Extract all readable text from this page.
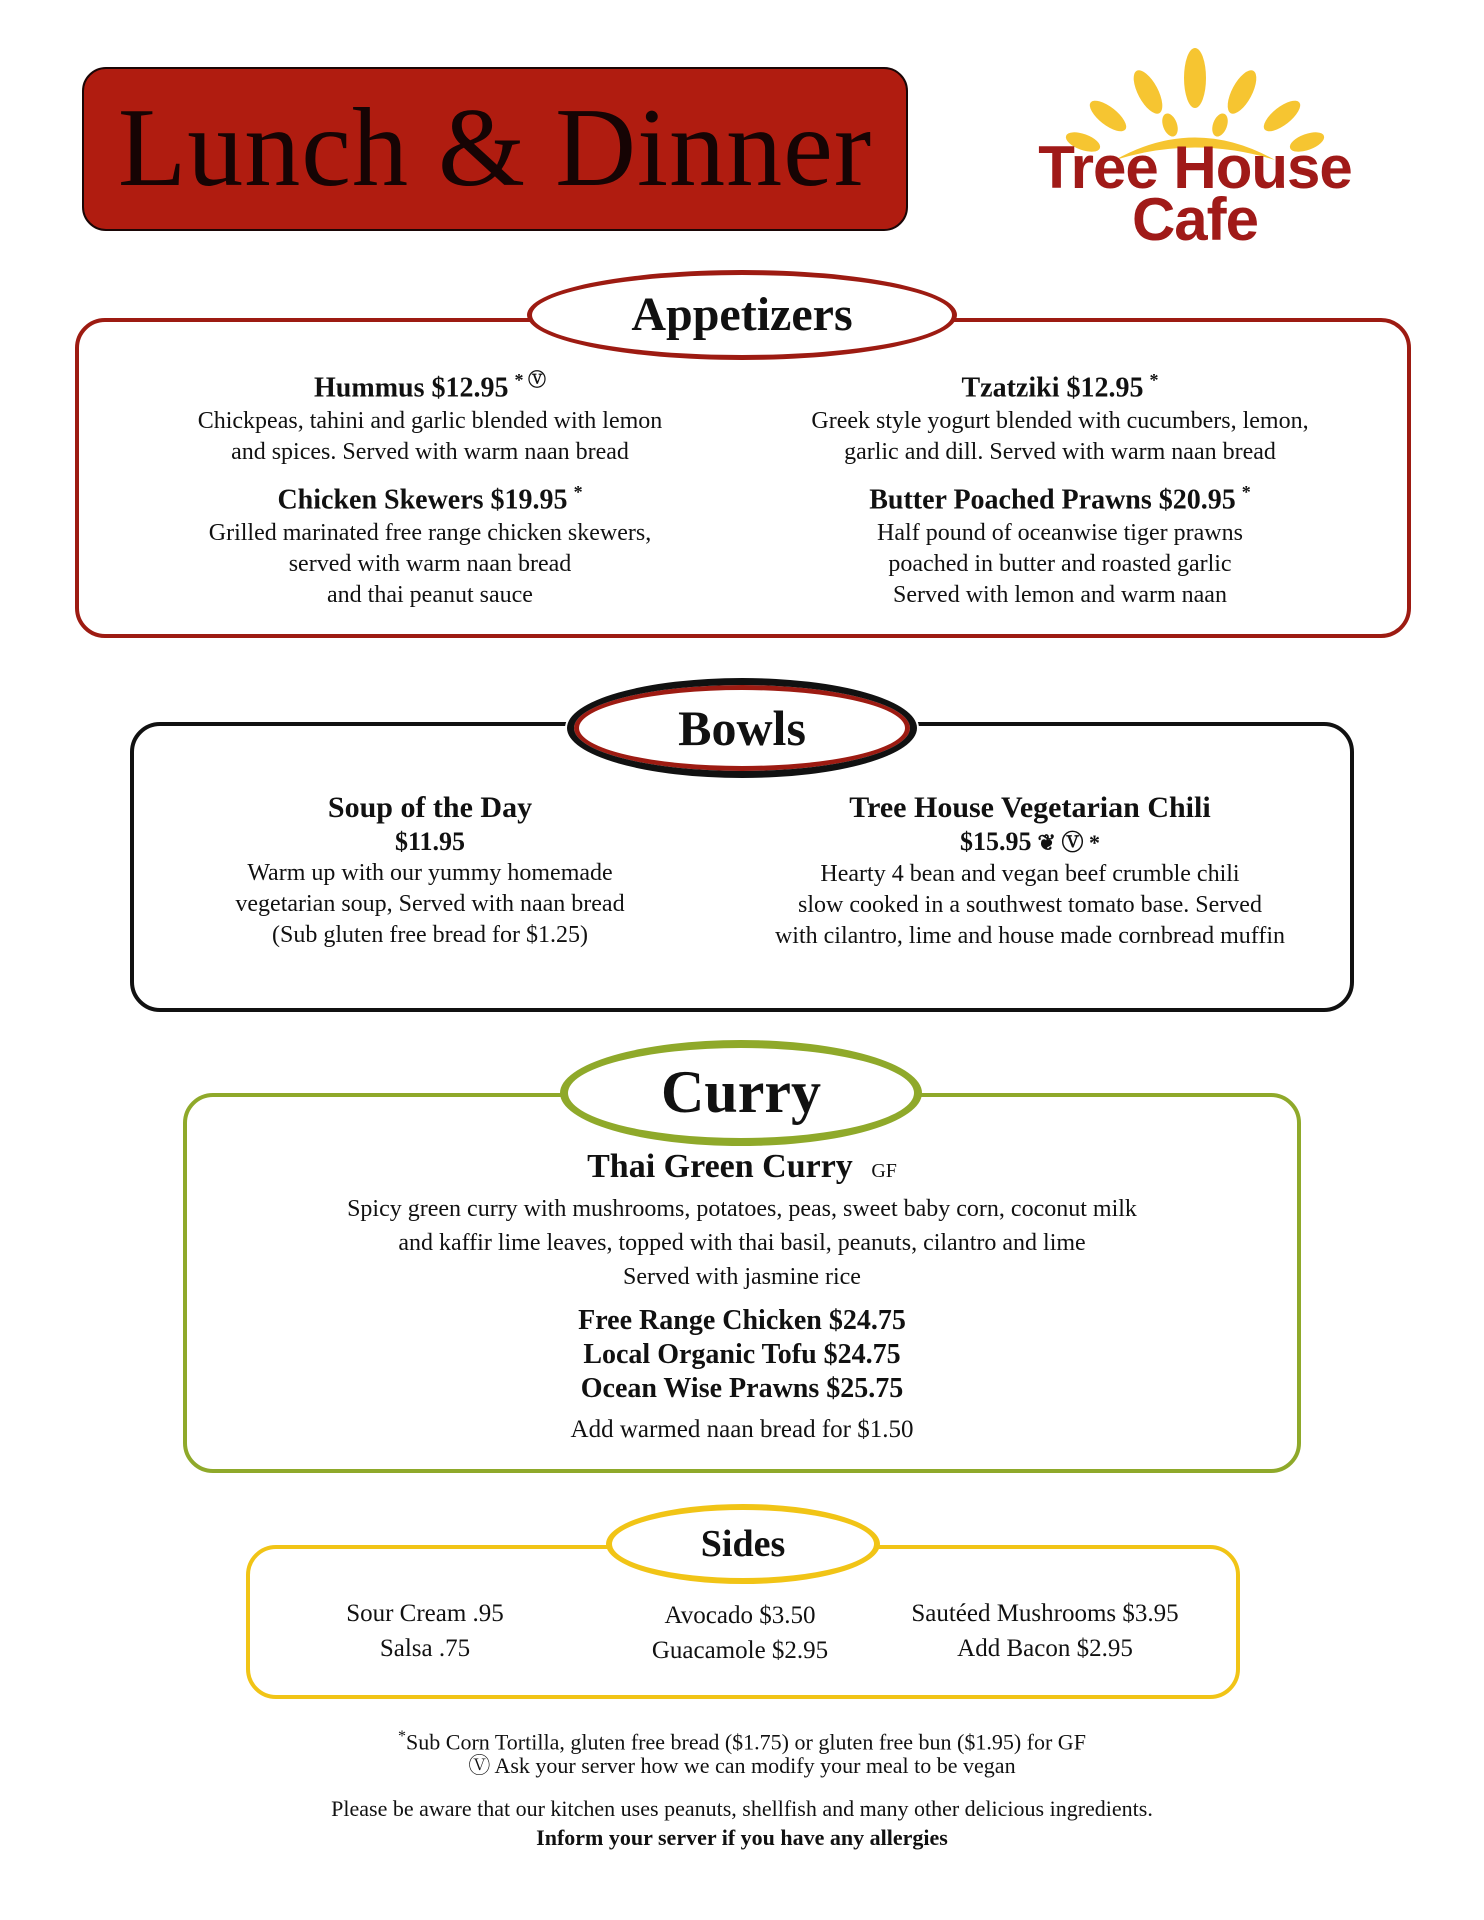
Lunch & Dinner	Tree House
Cafe
Appetizers
Hummus $12.95 * Ⓥ
Chickpeas, tahini and garlic blended with lemon
and spices. Served with warm naan bread
Tzatziki $12.95 *
Greek style yogurt blended with cucumbers, lemon,
garlic and dill. Served with warm naan bread
Chicken Skewers $19.95 *
Grilled marinated free range chicken skewers,
served with warm naan bread
and thai peanut sauce
Butter Poached Prawns $20.95 *
Half pound of oceanwise tiger prawns
poached in butter and roasted garlic
Served with lemon and warm naan
Bowls
Soup of the Day
$11.95
Warm up with our yummy homemade
vegetarian soup, Served with naan bread
(Sub gluten free bread for $1.25)
Tree House Vegetarian Chili
$15.95 ❦ Ⓥ *
Hearty 4 bean and vegan beef crumble chili
slow cooked in a southwest tomato base. Served
with cilantro, lime and house made cornbread muffin
Curry
Thai Green Curry GF
Spicy green curry with mushrooms, potatoes, peas, sweet baby corn, coconut milk
and kaffir lime leaves, topped with thai basil, peanuts, cilantro and lime
Served with jasmine rice
Free Range Chicken $24.75
Local Organic Tofu $24.75
Ocean Wise Prawns $25.75
Add warmed naan bread for $1.50
Sides
Sour Cream .95
Salsa .75
Avocado $3.50
Guacamole $2.95
Sautéed Mushrooms $3.95
Add Bacon $2.95
*Sub Corn Tortilla, gluten free bread ($1.75) or gluten free bun ($1.95) for GF
Ⓥ Ask your server how we can modify your meal to be vegan
Please be aware that our kitchen uses peanuts, shellfish and many other delicious ingredients.
Inform your server if you have any allergies
